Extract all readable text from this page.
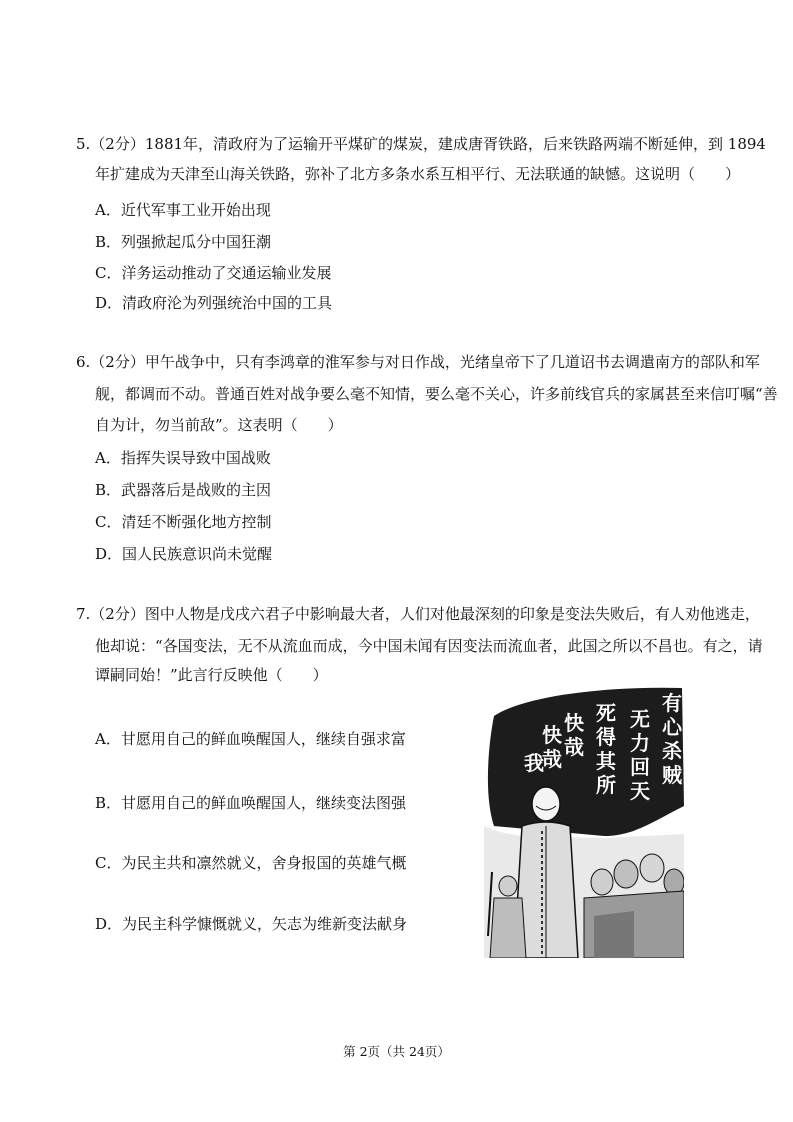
5.（2分）1881年，清政府为了运输开平煤矿的煤炭，建成唐胥铁路，后来铁路两端不断延伸，到 1894
年扩建成为天津至山海关铁路，弥补了北方多条水系互相平行、无法联通的缺憾。这说明（　　）
A．近代军事工业开始出现
B．列强掀起瓜分中国狂潮
C．洋务运动推动了交通运输业发展
D．清政府沦为列强统治中国的工具
6.（2分）甲午战争中，只有李鸿章的淮军参与对日作战，光绪皇帝下了几道诏书去调遣南方的部队和军
舰，都调而不动。普通百姓对战争要么毫不知情，要么毫不关心，许多前线官兵的家属甚至来信叮嘱“善
自为计，勿当前敌”。这表明（　　）
A．指挥失误导致中国战败
B．武器落后是战败的主因
C．清廷不断强化地方控制
D．国人民族意识尚未觉醒
7.（2分）图中人物是戊戌六君子中影响最大者，人们对他最深刻的印象是变法失败后，有人劝他逃走，
他却说：“各国变法，无不从流血而成，今中国未闻有因变法而流血者，此国之所以不昌也。有之，请
谭嗣同始！”此言行反映他（　　）
A．甘愿用自己的鲜血唤醒国人，继续自强求富
B．甘愿用自己的鲜血唤醒国人，继续变法图强
C．为民主共和凛然就义，舍身报国的英雄气概
D．为民主科学慷慨就义，矢志为维新变法献身
有心杀贼
无力回天
死得其所
快哉
快哉
我
第 2页（共 24页）
